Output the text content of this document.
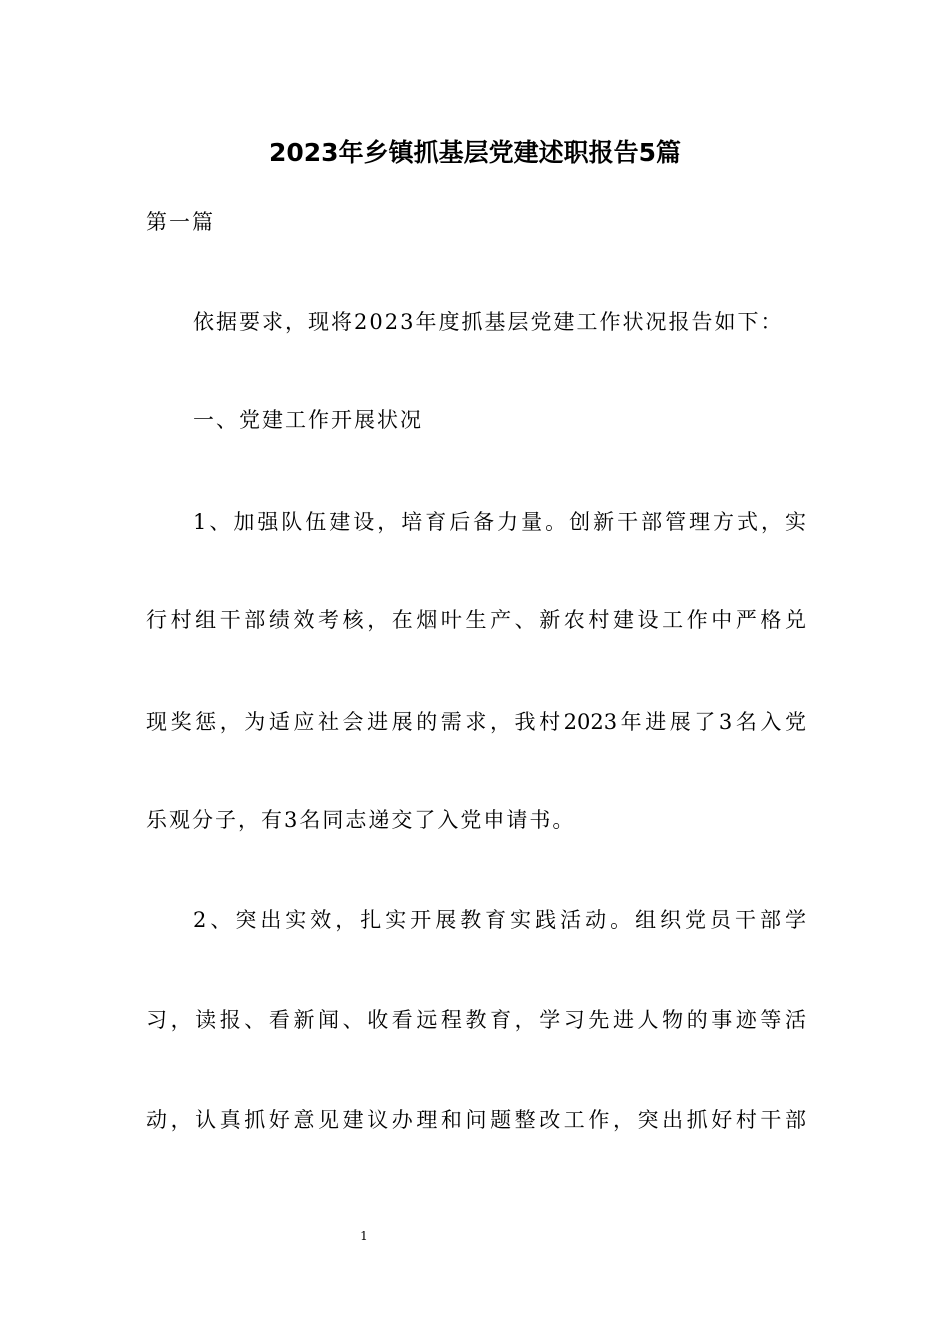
2023年乡镇抓基层党建述职报告5篇
第一篇
依据要求，现将2023年度抓基层党建工作状况报告如下：
一、党建工作开展状况
1、加强队伍建设，培育后备力量。创新干部管理方式，实
行村组干部绩效考核，在烟叶生产、新农村建设工作中严格兑
现奖惩，为适应社会进展的需求，我村2023年进展了3名入党
乐观分子，有3名同志递交了入党申请书。
2、突出实效，扎实开展教育实践活动。组织党员干部学
习，读报、看新闻、收看远程教育，学习先进人物的事迹等活
动，认真抓好意见建议办理和问题整改工作，突出抓好村干部
1
